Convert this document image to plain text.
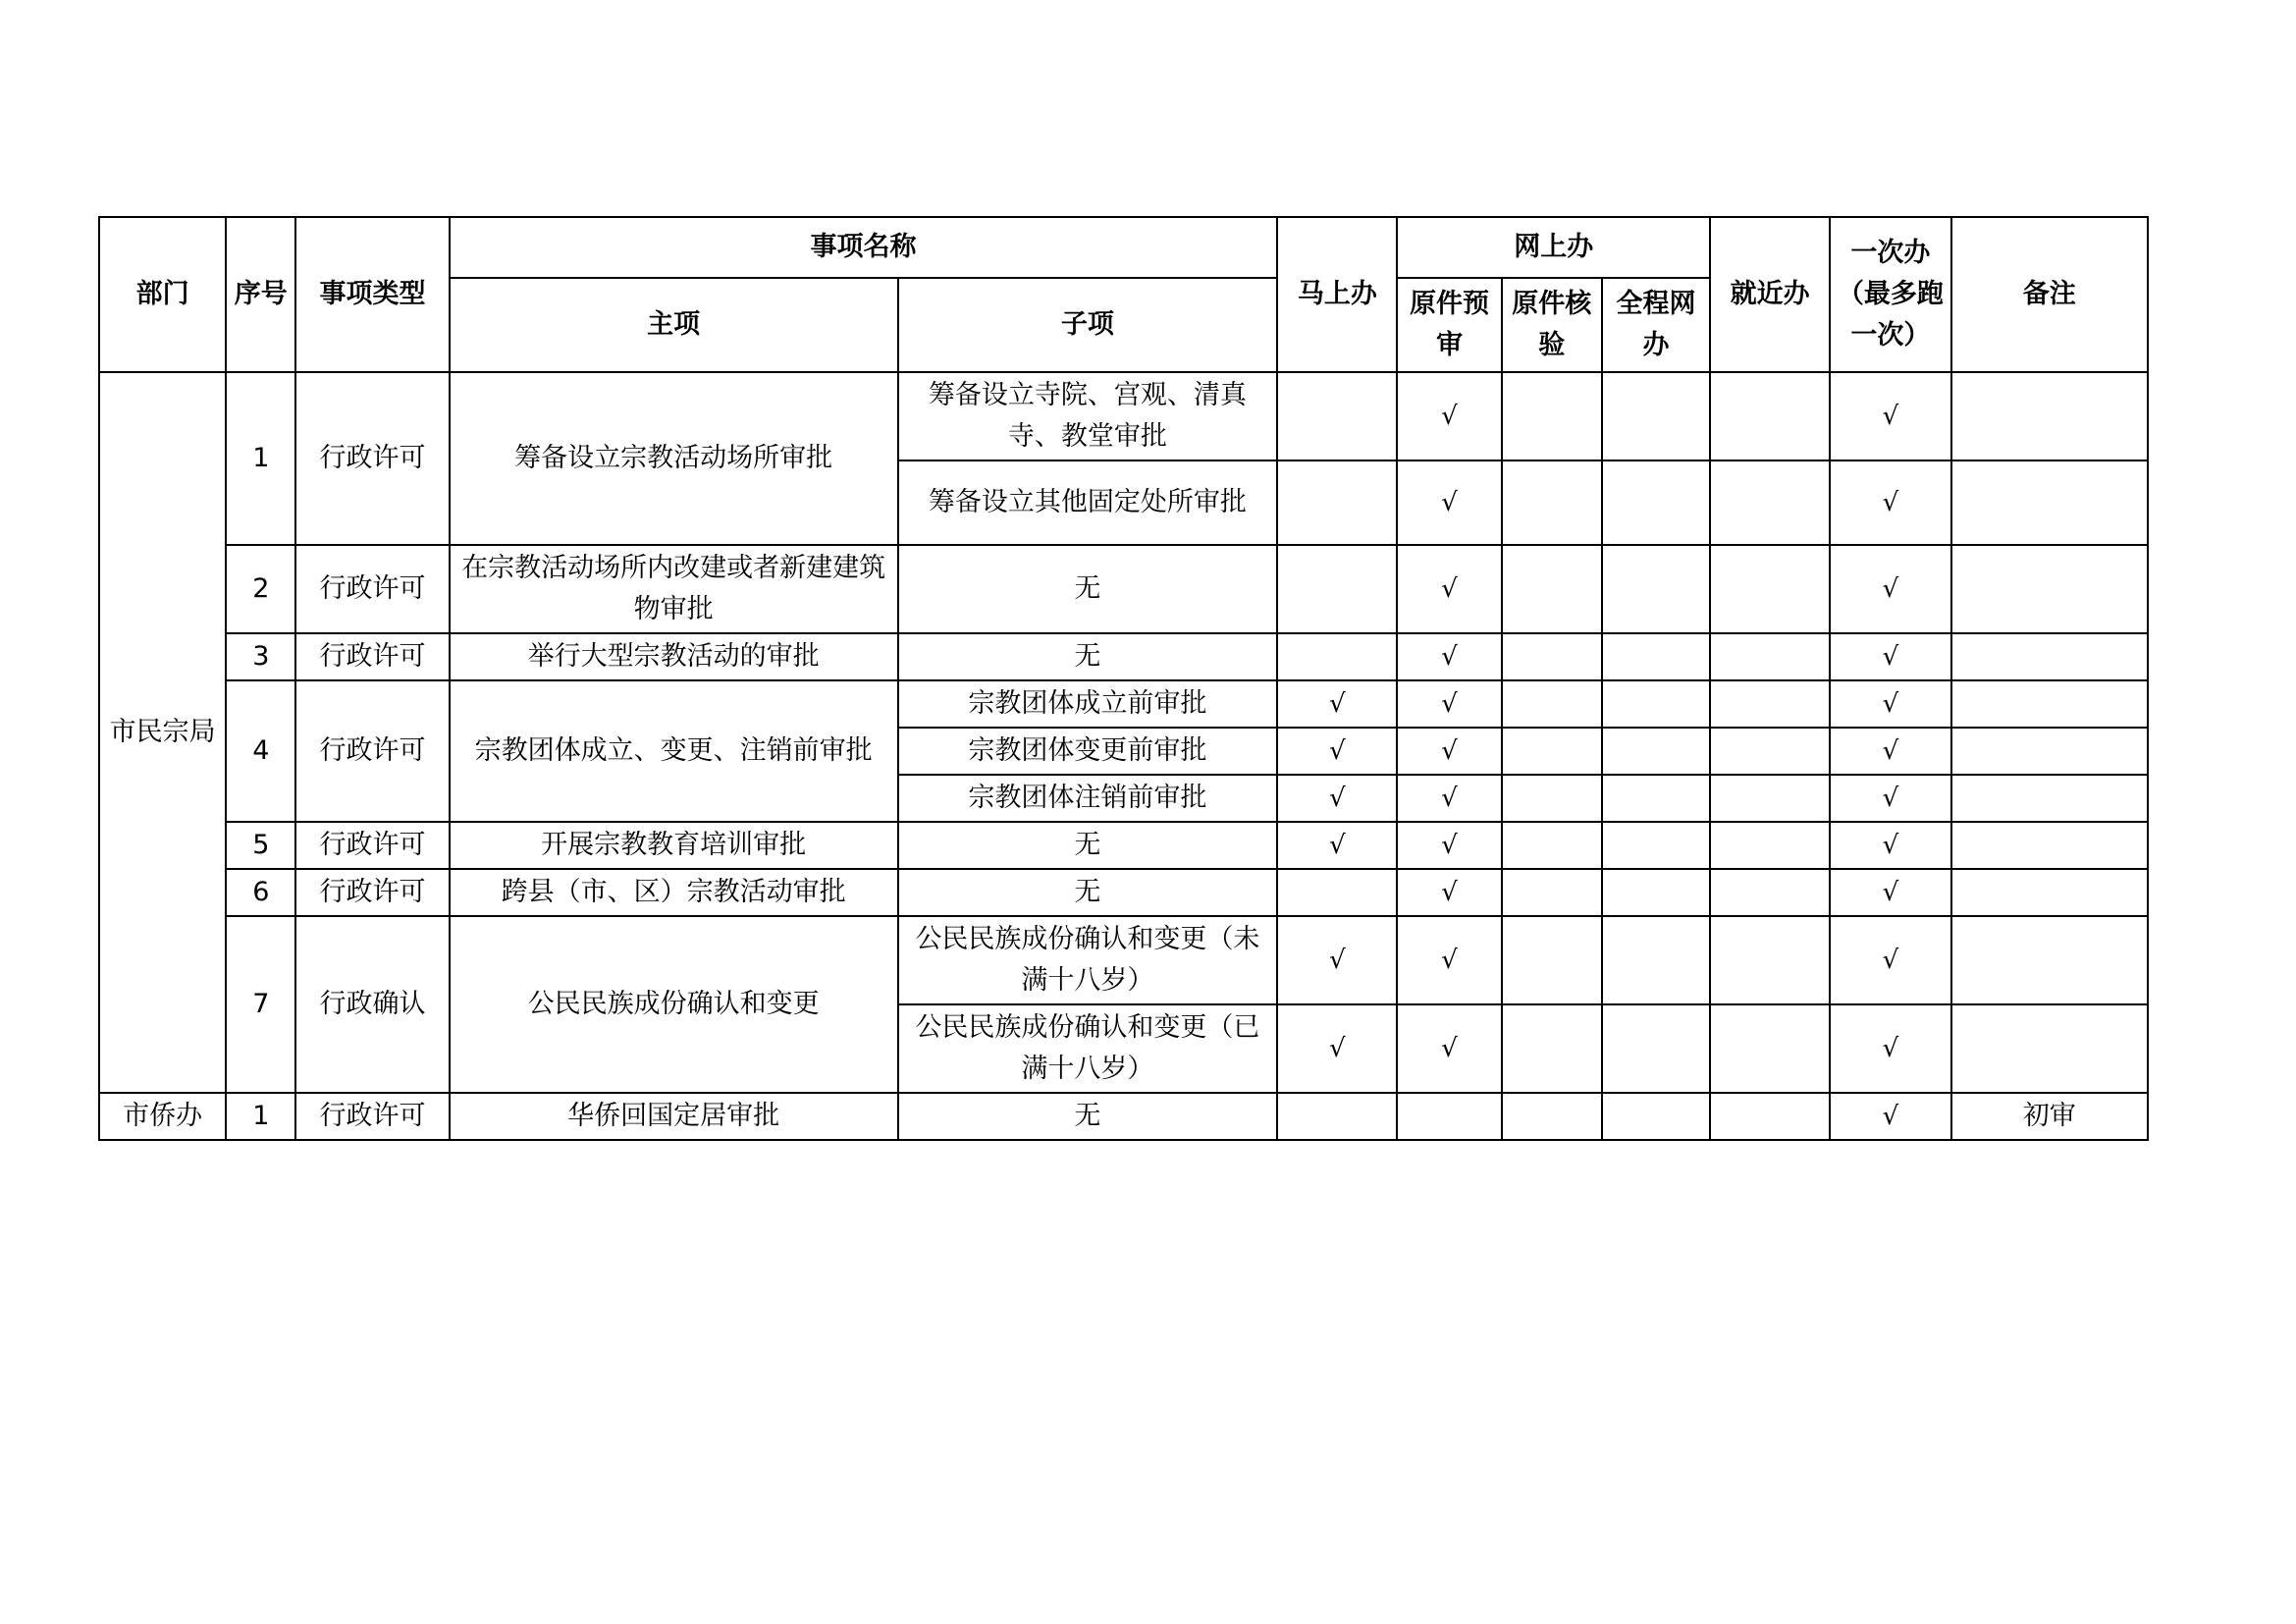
部门	序号	事项类型	事项名称		马上办	网上办			就近办	一次办（最多跑一次）	备注
			主项	子项		原件预审	原件核验	全程网办			
市民宗局	1	行政许可	筹备设立宗教活动场所审批	筹备设立寺院、宫观、清真寺、教堂审批		√				√	
				筹备设立其他固定处所审批		√				√	
	2	行政许可	在宗教活动场所内改建或者新建建筑物审批	无		√				√	
	3	行政许可	举行大型宗教活动的审批	无		√				√	
	4	行政许可	宗教团体成立、变更、注销前审批	宗教团体成立前审批	√	√				√	
				宗教团体变更前审批	√	√				√	
				宗教团体注销前审批	√	√				√	
	5	行政许可	开展宗教教育培训审批	无	√	√				√	
	6	行政许可	跨县（市、区）宗教活动审批	无		√				√	
	7	行政确认	公民民族成份确认和变更	公民民族成份确认和变更（未满十八岁）	√	√				√	
				公民民族成份确认和变更（已满十八岁）	√	√				√	
市侨办	1	行政许可	华侨回国定居审批	无						√	初审
